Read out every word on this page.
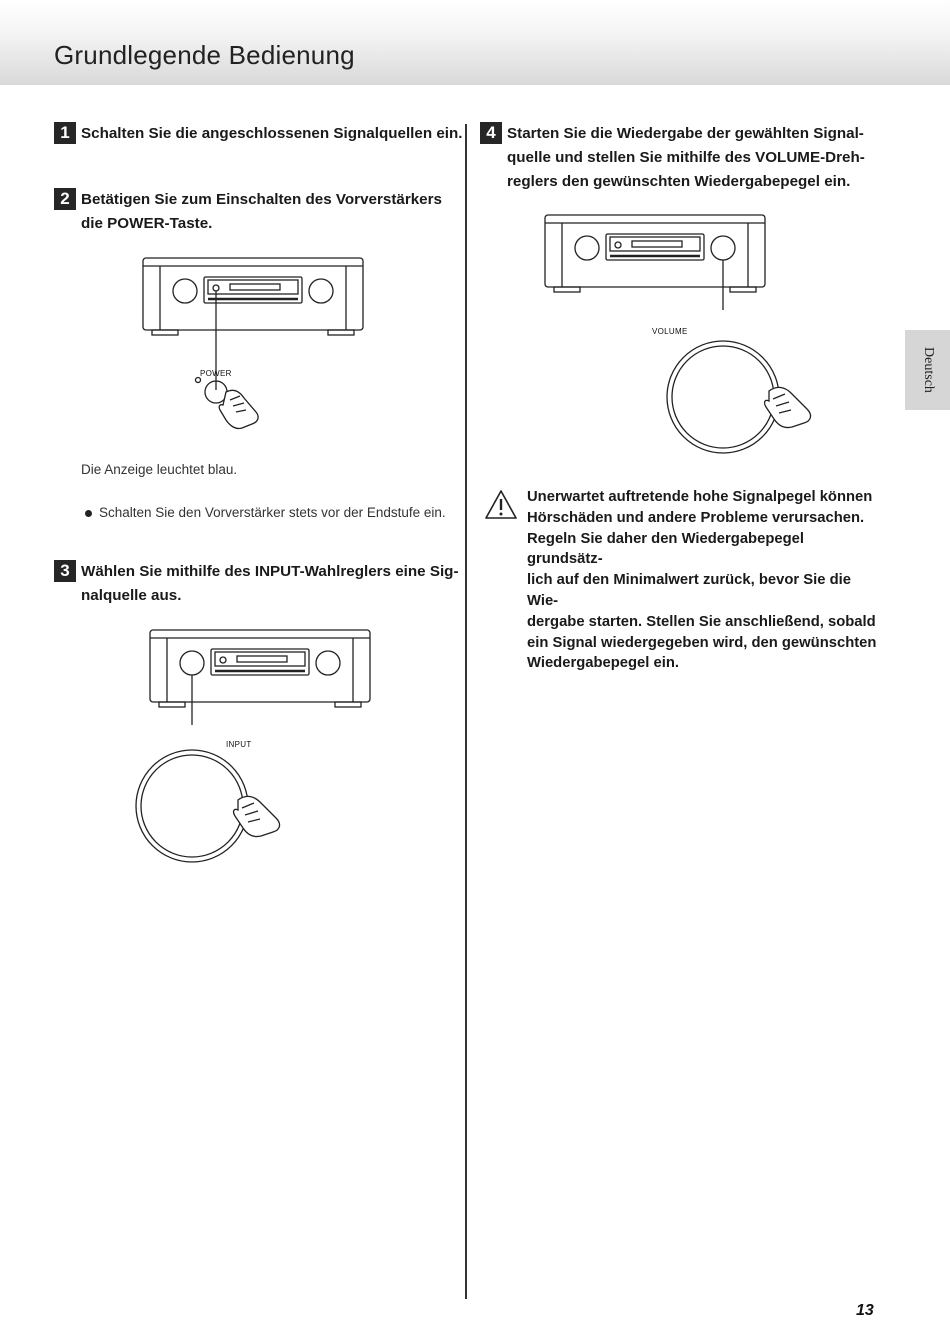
Grundlegende Bedienung
1 Schalten Sie die angeschlossenen Signalquellen ein.
2 Betätigen Sie zum Einschalten des Vorverstärkers
die POWER-Taste.
POWER
Die Anzeige leuchtet blau.
Schalten Sie den Vorverstärker stets vor der Endstufe ein.
3 Wählen Sie mithilfe des INPUT-Wahlreglers eine Sig-
nalquelle aus.
INPUT
4 Starten Sie die Wiedergabe der gewählten Signal-
quelle und stellen Sie mithilfe des VOLUME-Dreh-
reglers den gewünschten Wiedergabepegel ein.
VOLUME
Unerwartet auftretende hohe Signalpegel können
Hörschäden und andere Probleme verursachen.
Regeln Sie daher den Wiedergabepegel grundsätz-
lich auf den Minimalwert zurück, bevor Sie die Wie-
dergabe starten. Stellen Sie anschließend, sobald
ein Signal wiedergegeben wird, den gewünschten
Wiedergabepegel ein.
Deutsch
13
